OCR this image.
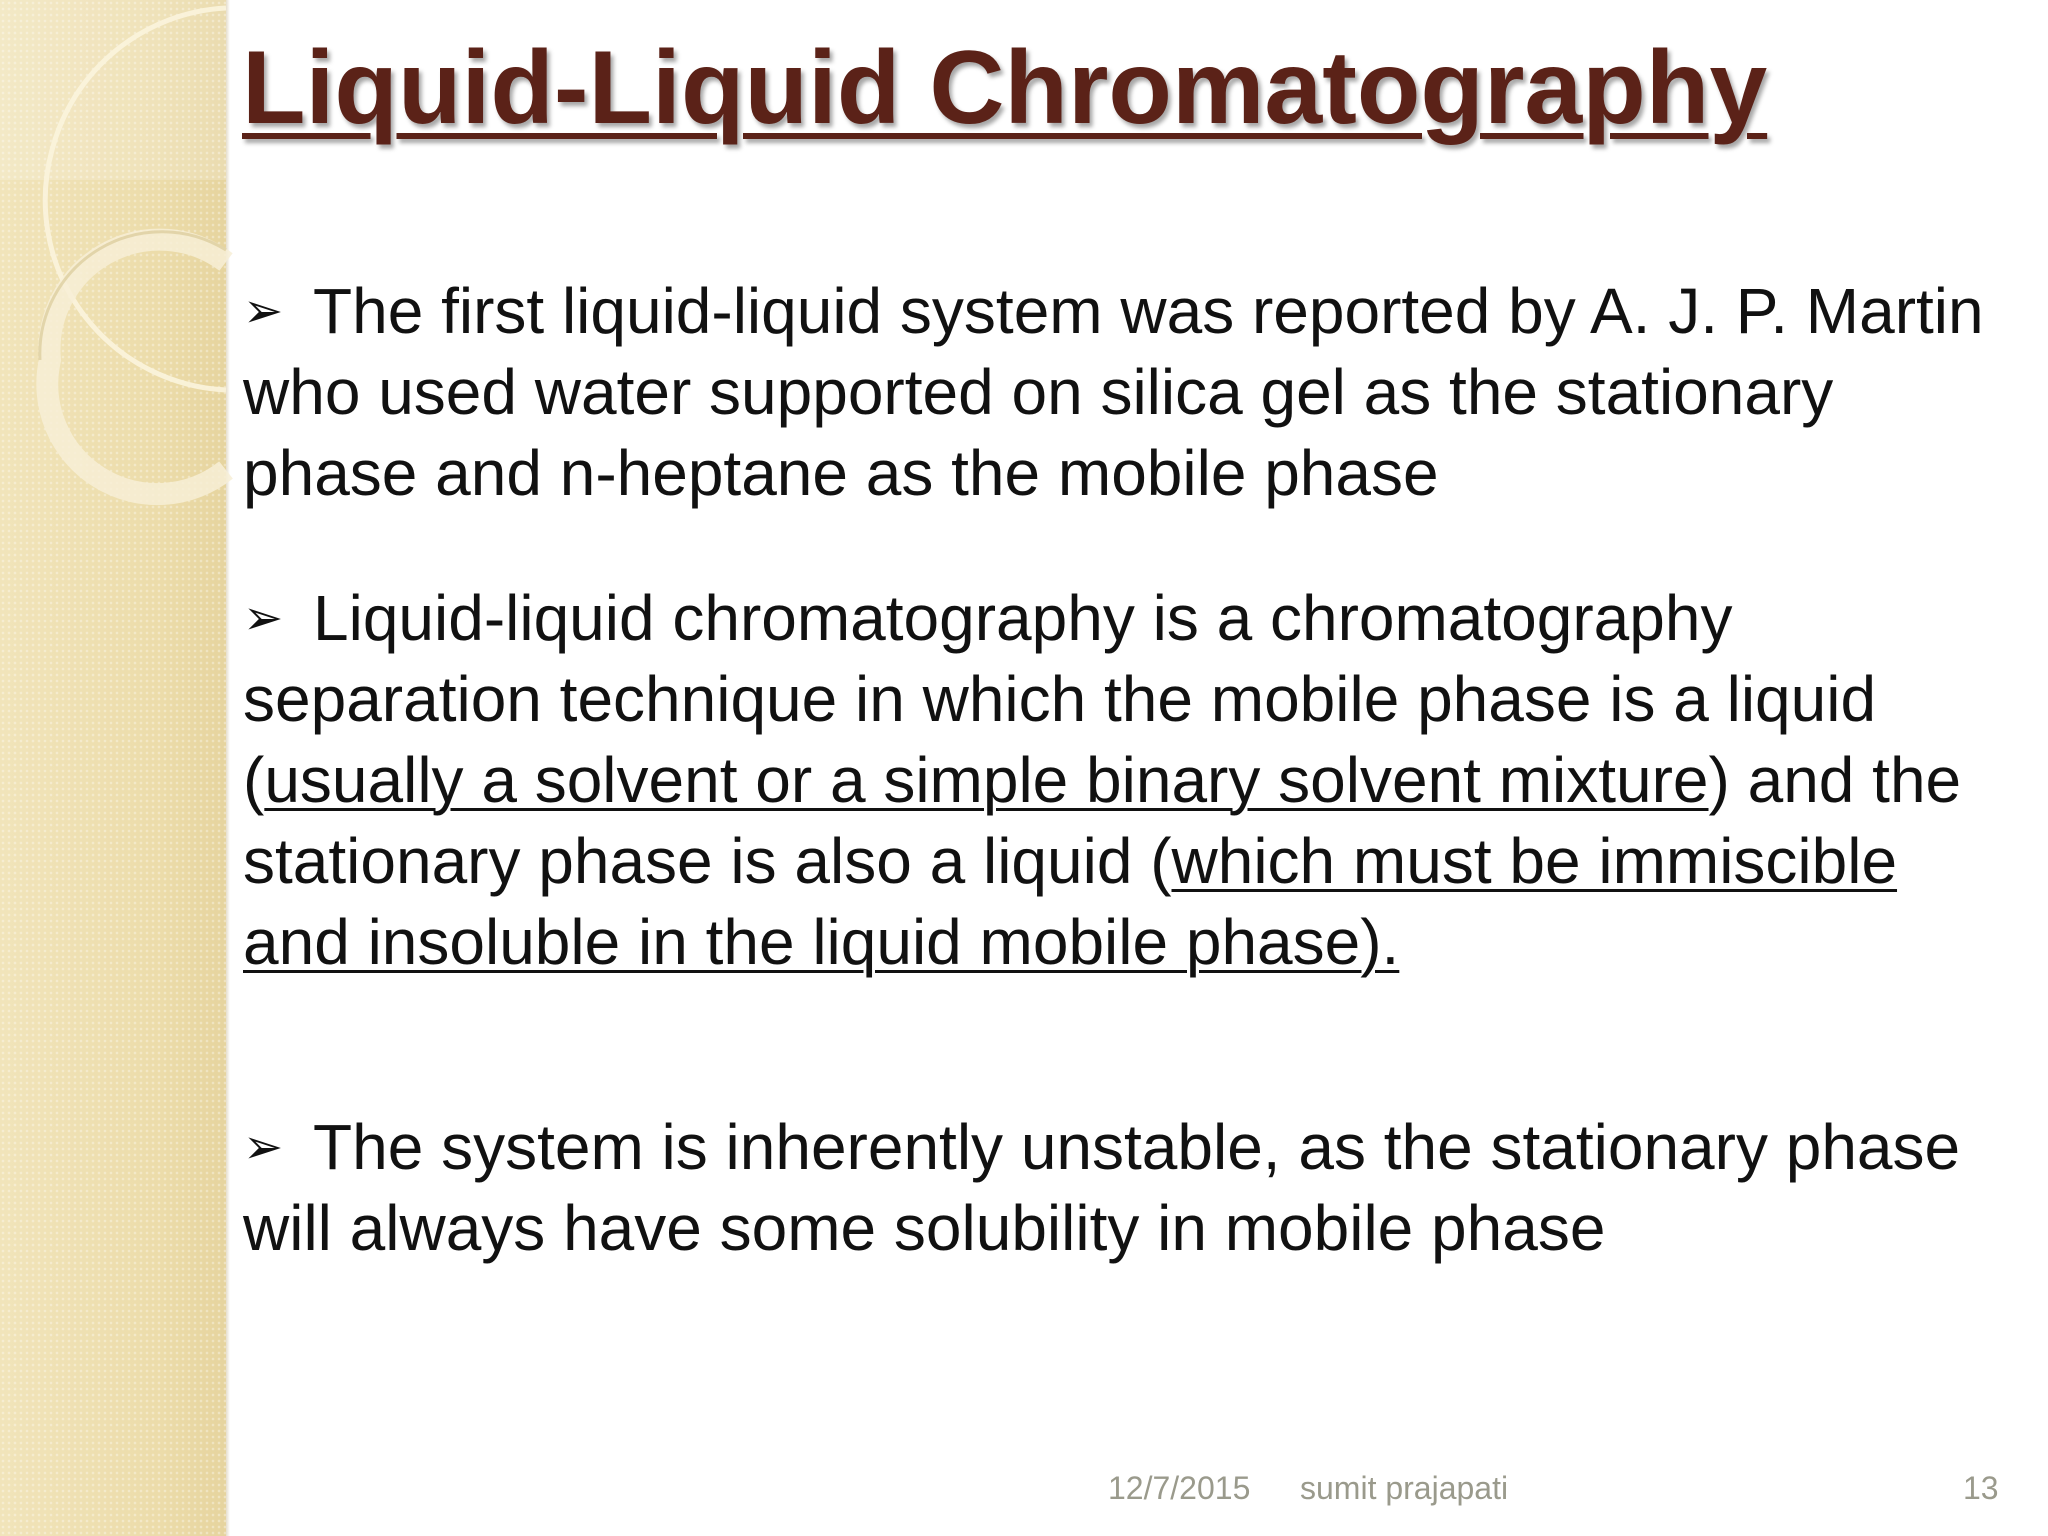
Liquid-Liquid Chromatography

➢ The first liquid-liquid system was reported by A. J. P. Martin who used water supported on silica gel as the stationary phase and n-heptane as the mobile phase

➢ Liquid-liquid chromatography is a chromatography separation technique in which the mobile phase is a liquid (usually a solvent or a simple binary solvent mixture) and the stationary phase is also a liquid (which must be immiscible and insoluble in the liquid mobile phase).

➢ The system is inherently unstable, as the stationary phase will always have some solubility in mobile phase

12/7/2015 sumit prajapati	13
